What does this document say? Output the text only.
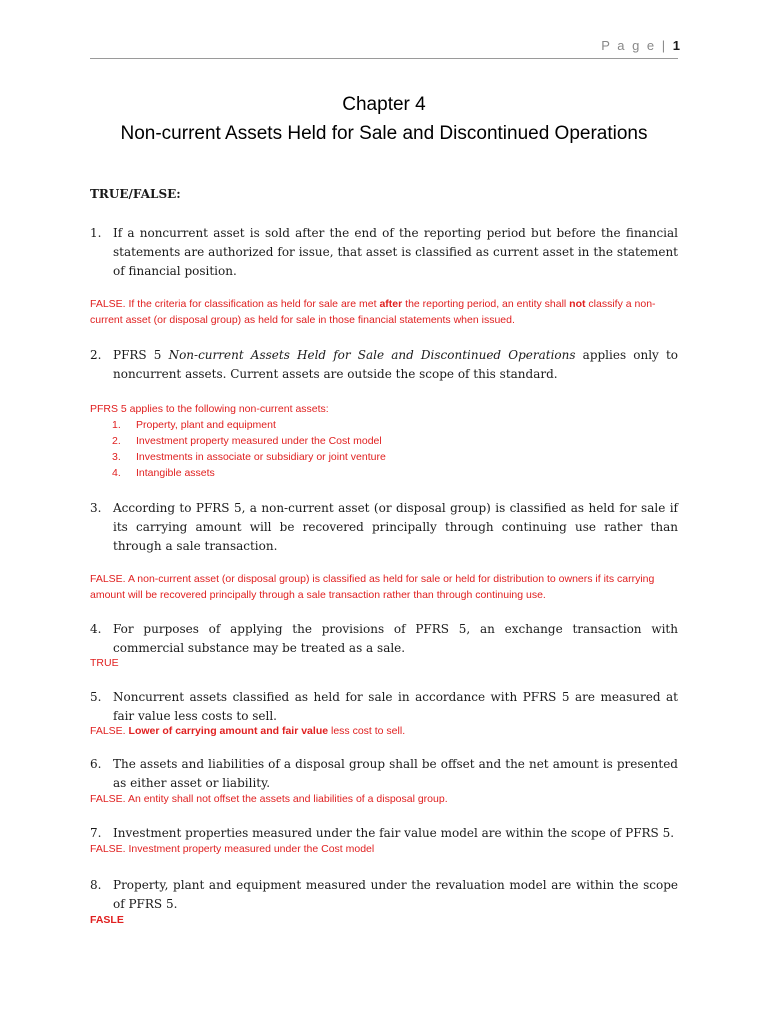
P a g e | 1
Chapter 4
Non-current Assets Held for Sale and Discontinued Operations
TRUE/FALSE:
1. If a noncurrent asset is sold after the end of the reporting period but before the financial statements are authorized for issue, that asset is classified as current asset in the statement of financial position.
FALSE. If the criteria for classification as held for sale are met after the reporting period, an entity shall not classify a non-current asset (or disposal group) as held for sale in those financial statements when issued.
2. PFRS 5 Non-current Assets Held for Sale and Discontinued Operations applies only to noncurrent assets. Current assets are outside the scope of this standard.
PFRS 5 applies to the following non-current assets:
1. Property, plant and equipment
2. Investment property measured under the Cost model
3. Investments in associate or subsidiary or joint venture
4. Intangible assets
3. According to PFRS 5, a non-current asset (or disposal group) is classified as held for sale if its carrying amount will be recovered principally through continuing use rather than through a sale transaction.
FALSE. A non-current asset (or disposal group) is classified as held for sale or held for distribution to owners if its carrying amount will be recovered principally through a sale transaction rather than through continuing use.
4. For purposes of applying the provisions of PFRS 5, an exchange transaction with commercial substance may be treated as a sale.
TRUE
5. Noncurrent assets classified as held for sale in accordance with PFRS 5 are measured at fair value less costs to sell.
FALSE. Lower of carrying amount and fair value less cost to sell.
6. The assets and liabilities of a disposal group shall be offset and the net amount is presented as either asset or liability.
FALSE. An entity shall not offset the assets and liabilities of a disposal group.
7. Investment properties measured under the fair value model are within the scope of PFRS 5.
FALSE. Investment property measured under the Cost model
8. Property, plant and equipment measured under the revaluation model are within the scope of PFRS 5.
FASLE
